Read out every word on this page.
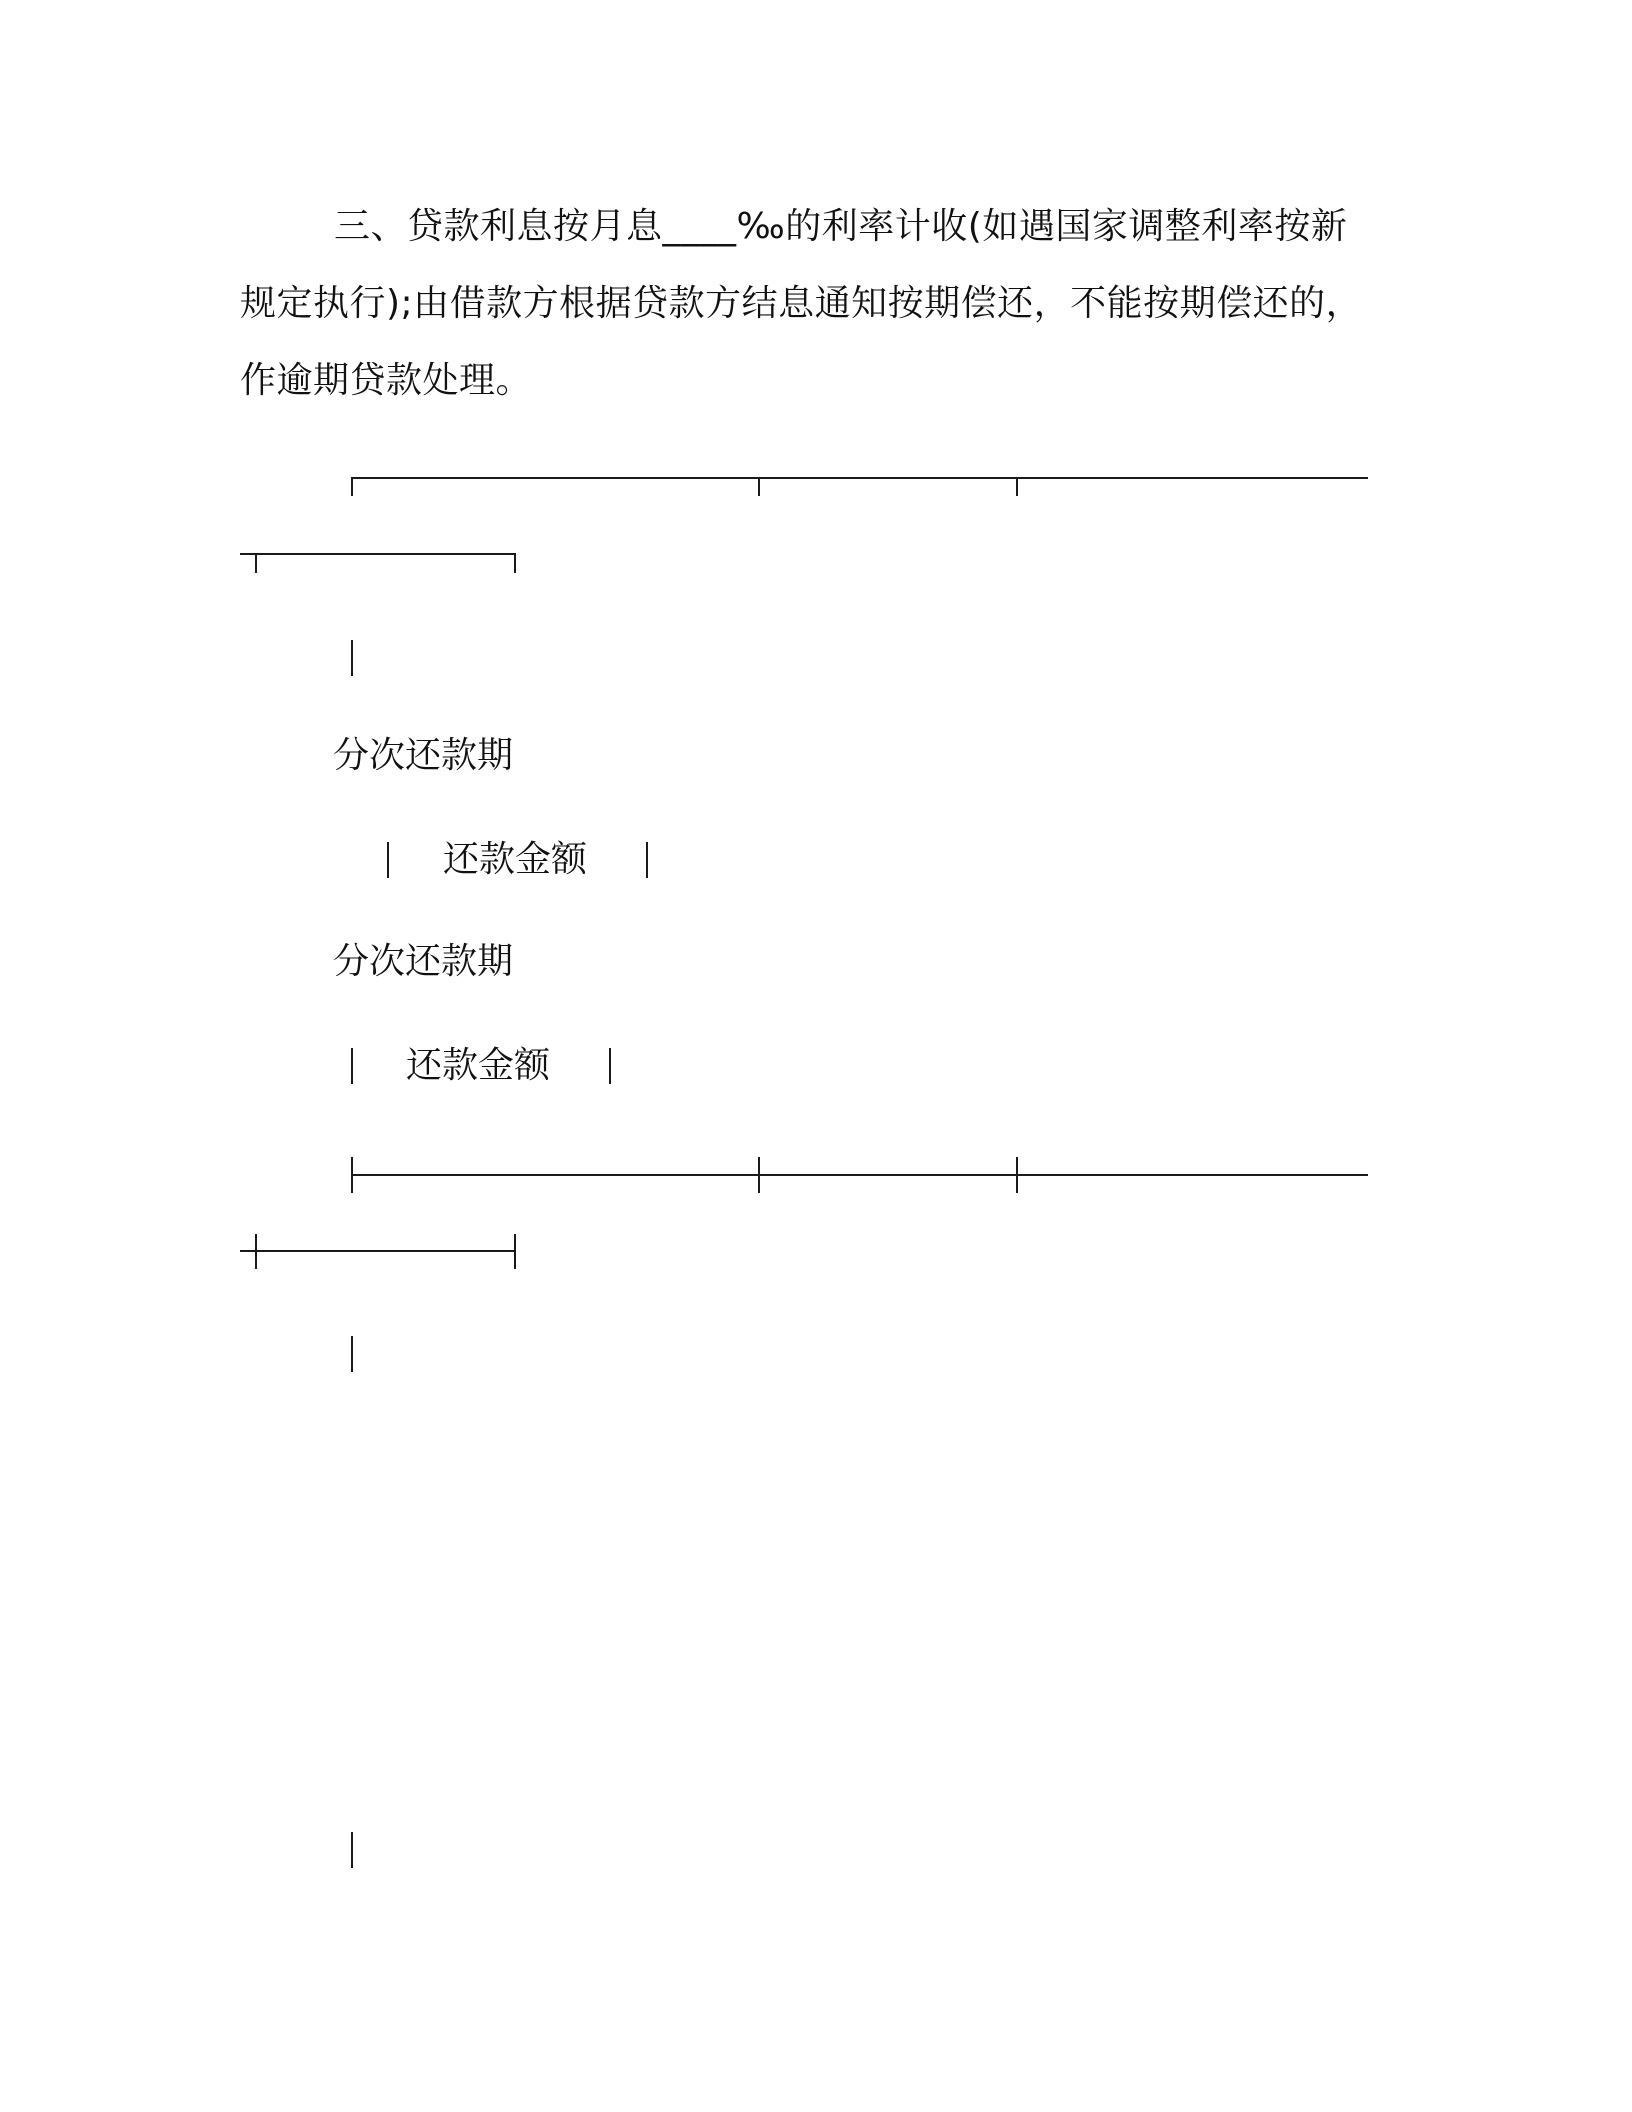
三、贷款利息按月息____‰的利率计收(如遇国家调整利率按新
规定执行);由借款方根据贷款方结息通知按期偿还，不能按期偿还的，
作逾期贷款处理。
分次还款期
还款金额
分次还款期
还款金额
